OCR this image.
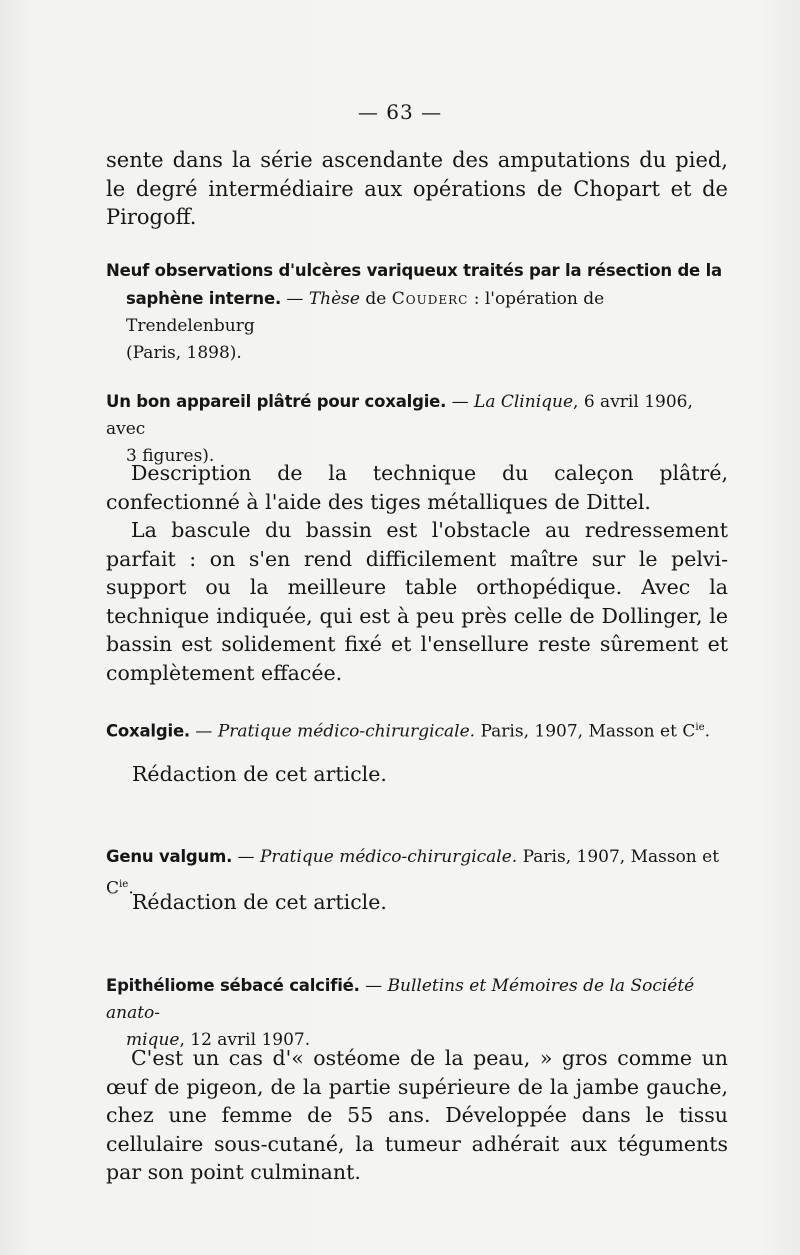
— 63 —
sente dans la série ascendante des amputations du pied, le degré intermédiaire aux opérations de Chopart et de Pirogoff.
Neuf observations d'ulcères variqueux traités par la résection de la
saphène interne. — Thèse de Couderc : l'opération de Trendelenburg
(Paris, 1898).
Un bon appareil plâtré pour coxalgie. — La Clinique, 6 avril 1906, avec
3 figures).

Description de la technique du caleçon plâtré, confectionné à l'aide des tiges métalliques de Dittel.

La bascule du bassin est l'obstacle au redressement parfait : on s'en rend difficilement maître sur le pelvi-support ou la meilleure table orthopédique. Avec la technique indiquée, qui est à peu près celle de Dollinger, le bassin est solidement fixé et l'ensellure reste sûrement et complètement effacée.

Coxalgie. — Pratique médico-chirurgicale. Paris, 1907, Masson et $C^{ie}$.
Rédaction de cet article.
Genu valgum. — Pratique médico-chirurgicale. Paris, 1907, Masson et $C^{ie}$.
Rédaction de cet article.
Epithéliome sébacé calcifié. — Bulletins et Mémoires de la Société anato-
mique, 12 avril 1907.

C'est un cas d'« ostéome de la peau, » gros comme un œuf de pigeon, de la partie supérieure de la jambe gauche, chez une femme de 55 ans. Développée dans le tissu cellulaire sous-cutané, la tumeur adhérait aux téguments par son point culminant.
